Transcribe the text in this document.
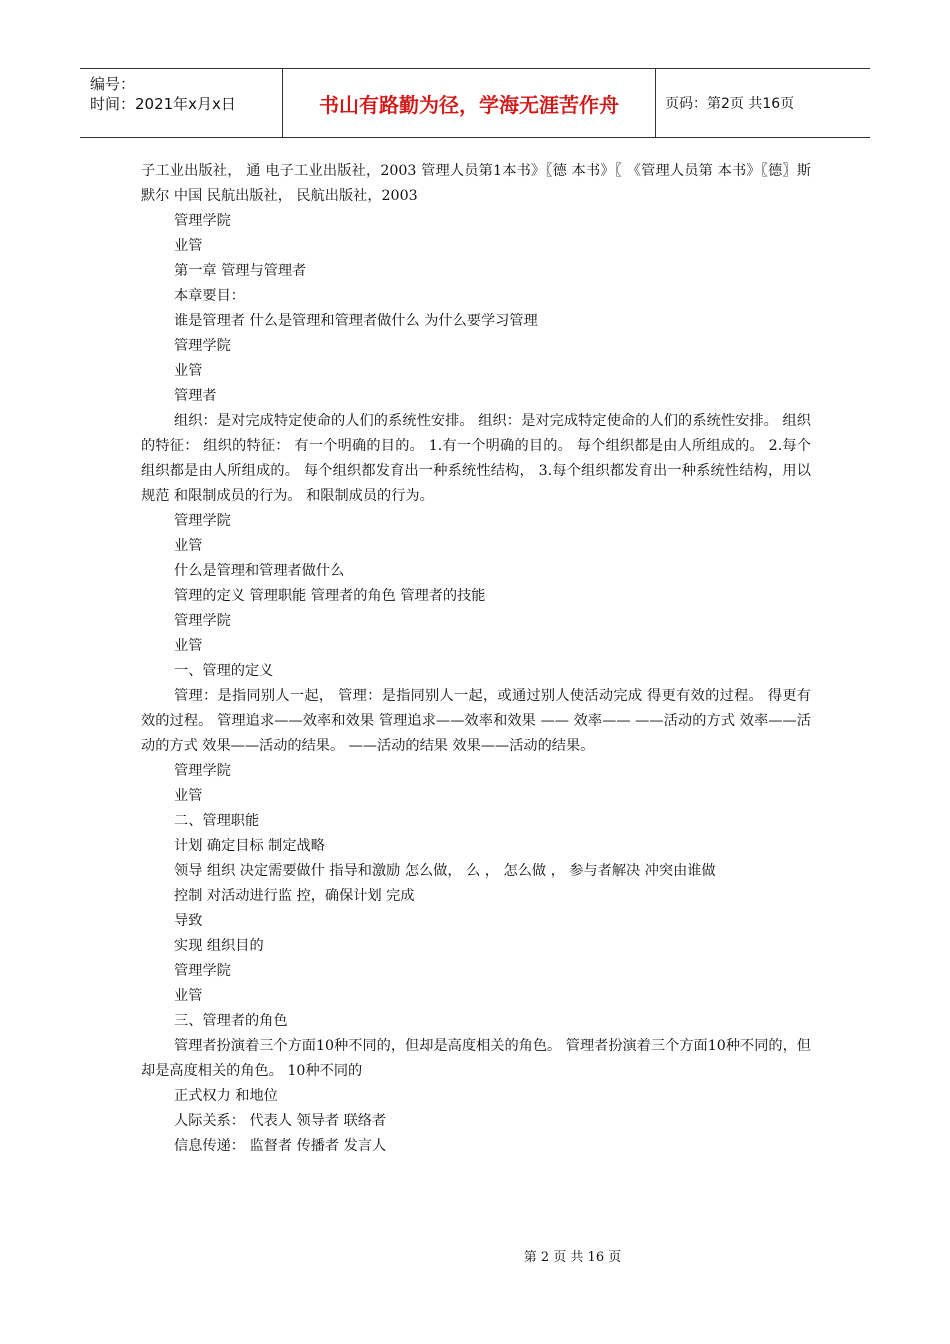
编号：
时间：2021年x月x日	书山有路勤为径，学海无涯苦作舟	页码：第2页 共16页

子工业出版社， 通 电子工业出版社，2003 管理人员第1本书》〖德 本书》〖 《管理人员第 本书》〖德〗斯默尔 中国 民航出版社， 民航出版社，2003

管理学院

业管

第一章 管理与管理者

本章要目：

谁是管理者 什么是管理和管理者做什么 为什么要学习管理

管理学院

业管

管理者

组织：是对完成特定使命的人们的系统性安排。 组织：是对完成特定使命的人们的系统性安排。 组织的特征： 组织的特征： 有一个明确的目的。 1.有一个明确的目的。 每个组织都是由人所组成的。 2.每个组织都是由人所组成的。 每个组织都发育出一种系统性结构， 3.每个组织都发育出一种系统性结构，用以规范 和限制成员的行为。 和限制成员的行为。

管理学院

业管

什么是管理和管理者做什么

管理的定义 管理职能 管理者的角色 管理者的技能

管理学院

业管

一、管理的定义

管理：是指同别人一起， 管理：是指同别人一起，或通过别人使活动完成 得更有效的过程。 得更有效的过程。 管理追求——效率和效果 管理追求——效率和效果 —— 效率—— ——活动的方式 效率——活动的方式 效果——活动的结果。 ——活动的结果 效果——活动的结果。

管理学院

业管

二、管理职能

计划 确定目标 制定战略

领导 组织 决定需要做什 指导和激励 怎么做， 么 ， 怎么做 ， 参与者解决 冲突由谁做

控制 对活动进行监 控，确保计划 完成

导致

实现 组织目的

管理学院

业管

三、管理者的角色

管理者扮演着三个方面10种不同的，但却是高度相关的角色。 管理者扮演着三个方面10种不同的，但却是高度相关的角色。 10种不同的

正式权力 和地位

人际关系： 代表人 领导者 联络者

信息传递： 监督者 传播者 发言人

第 2 页 共 16 页
